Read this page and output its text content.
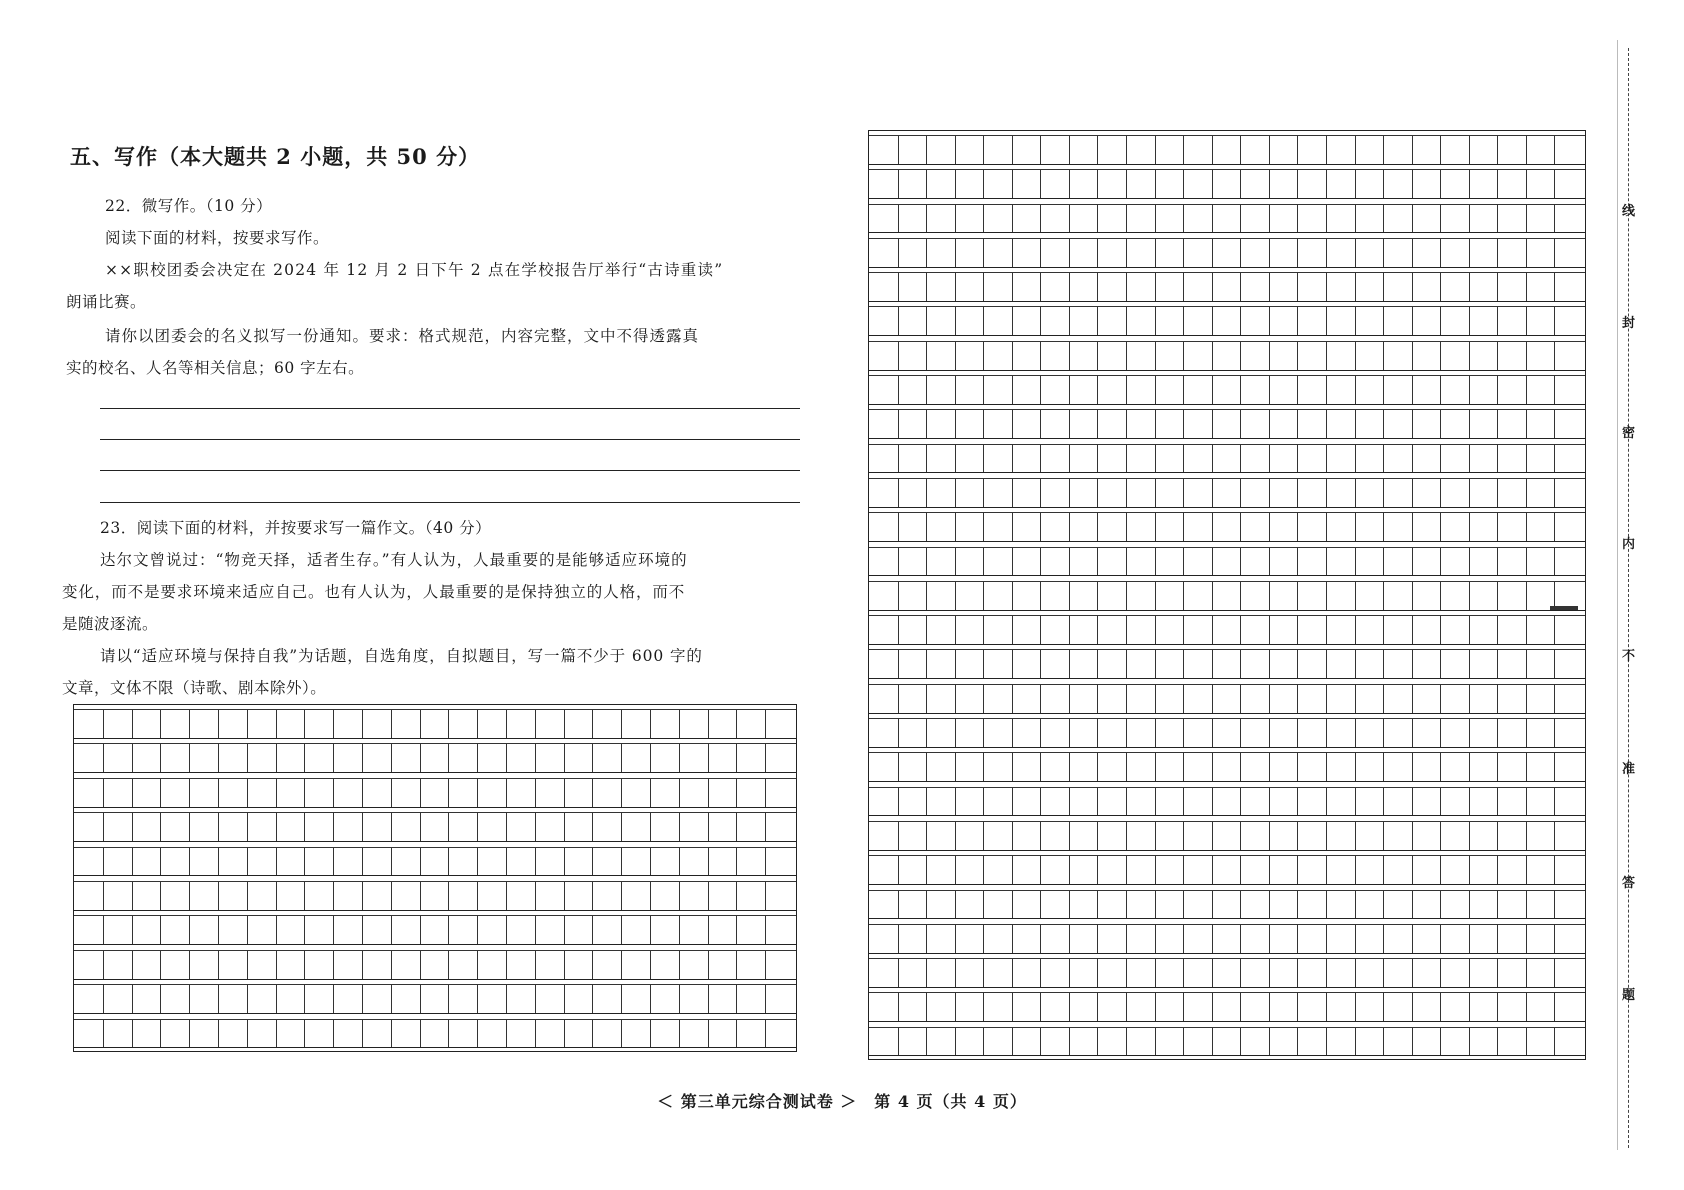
五、写作（本大题共 2 小题，共 50 分）
22．微写作。（10 分）
阅读下面的材料，按要求写作。
××职校团委会决定在 2024 年 12 月 2 日下午 2 点在学校报告厅举行“古诗重读”
朗诵比赛。
请你以团委会的名义拟写一份通知。要求：格式规范，内容完整，文中不得透露真
实的校名、人名等相关信息；60 字左右。
23．阅读下面的材料，并按要求写一篇作文。（40 分）
达尔文曾说过：“物竞天择，适者生存。”有人认为，人最重要的是能够适应环境的
变化，而不是要求环境来适应自己。也有人认为，人最重要的是保持独立的人格，而不
是随波逐流。
请以“适应环境与保持自我”为话题，自选角度，自拟题目，写一篇不少于 600 字的
文章，文体不限（诗歌、剧本除外）。
线
封
密
内
不
准
答
题
＜ 第三单元综合测试卷 ＞　第 4 页（共 4 页）
